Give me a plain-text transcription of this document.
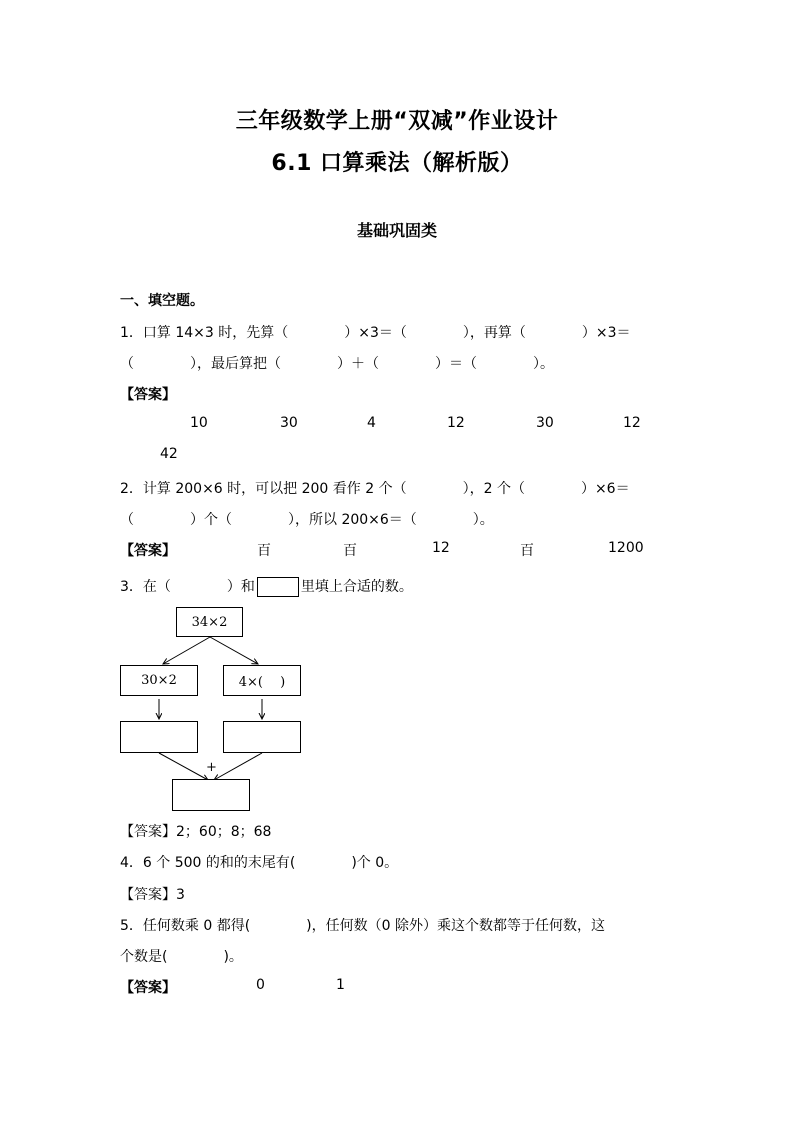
三年级数学上册“双减”作业设计
6.1 口算乘法（解析版）
基础巩固类
一、填空题。
1．口算 14×3 时，先算（　　　　）×3＝（　　　　），再算（　　　　）×3＝
（　　　　），最后算把（　　　　）＋（　　　　）＝（　　　　）。
【答案】
10	30	4	12	30	12
42
2．计算 200×6 时，可以把 200 看作 2 个（　　　　），2 个（　　　　）×6＝
（　　　　）个（　　　　），所以 200×6＝（　　　　）。
【答案】	百	百	12	百	1200
3．在（　　　　）和	里填上合适的数。
34×2
30×2	4×(　 )
+
【答案】2；60；8；68
4．6 个 500 的和的末尾有(　　　　)个 0。
【答案】3
5．任何数乘 0 都得(　　　　)，任何数（0 除外）乘这个数都等于任何数，这
个数是(　　　　)。
【答案】	0	1
